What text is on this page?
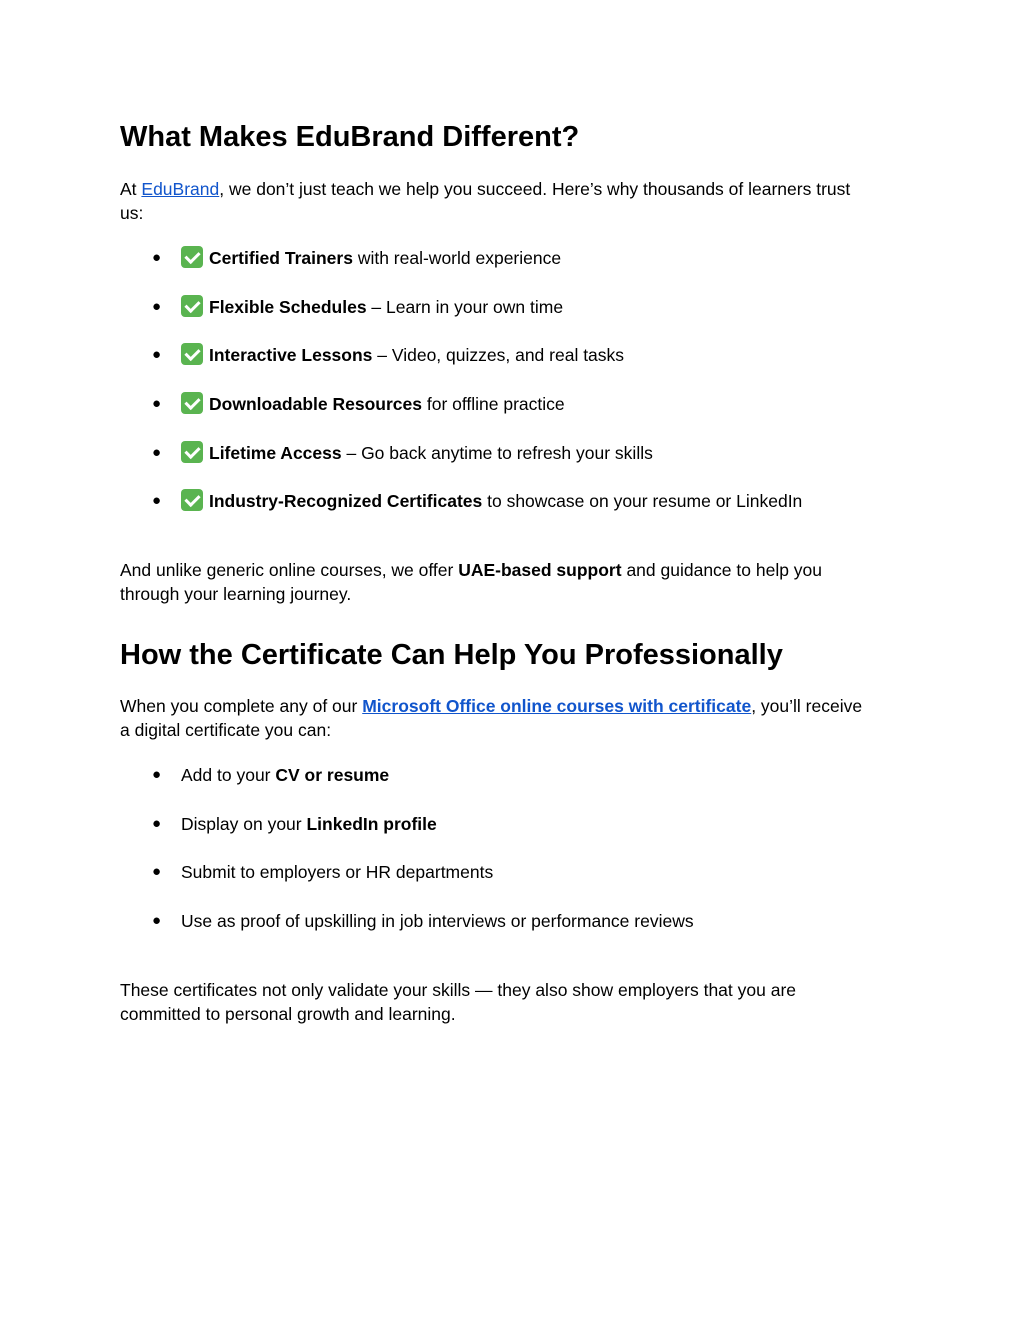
What Makes EduBrand Different?
At EduBrand, we don’t just teach we help you succeed. Here’s why thousands of learners trust
us:
●	Certified Trainers with real-world experience
●	Flexible Schedules – Learn in your own time
●	Interactive Lessons – Video, quizzes, and real tasks
●	Downloadable Resources for offline practice
●	Lifetime Access – Go back anytime to refresh your skills
●	Industry-Recognized Certificates to showcase on your resume or LinkedIn
And unlike generic online courses, we offer UAE-based support and guidance to help you
through your learning journey.
How the Certificate Can Help You Professionally
When you complete any of our Microsoft Office online courses with certificate, you’ll receive
a digital certificate you can:
● Add to your CV or resume
● Display on your LinkedIn profile
● Submit to employers or HR departments
● Use as proof of upskilling in job interviews or performance reviews
These certificates not only validate your skills — they also show employers that you are
committed to personal growth and learning.
